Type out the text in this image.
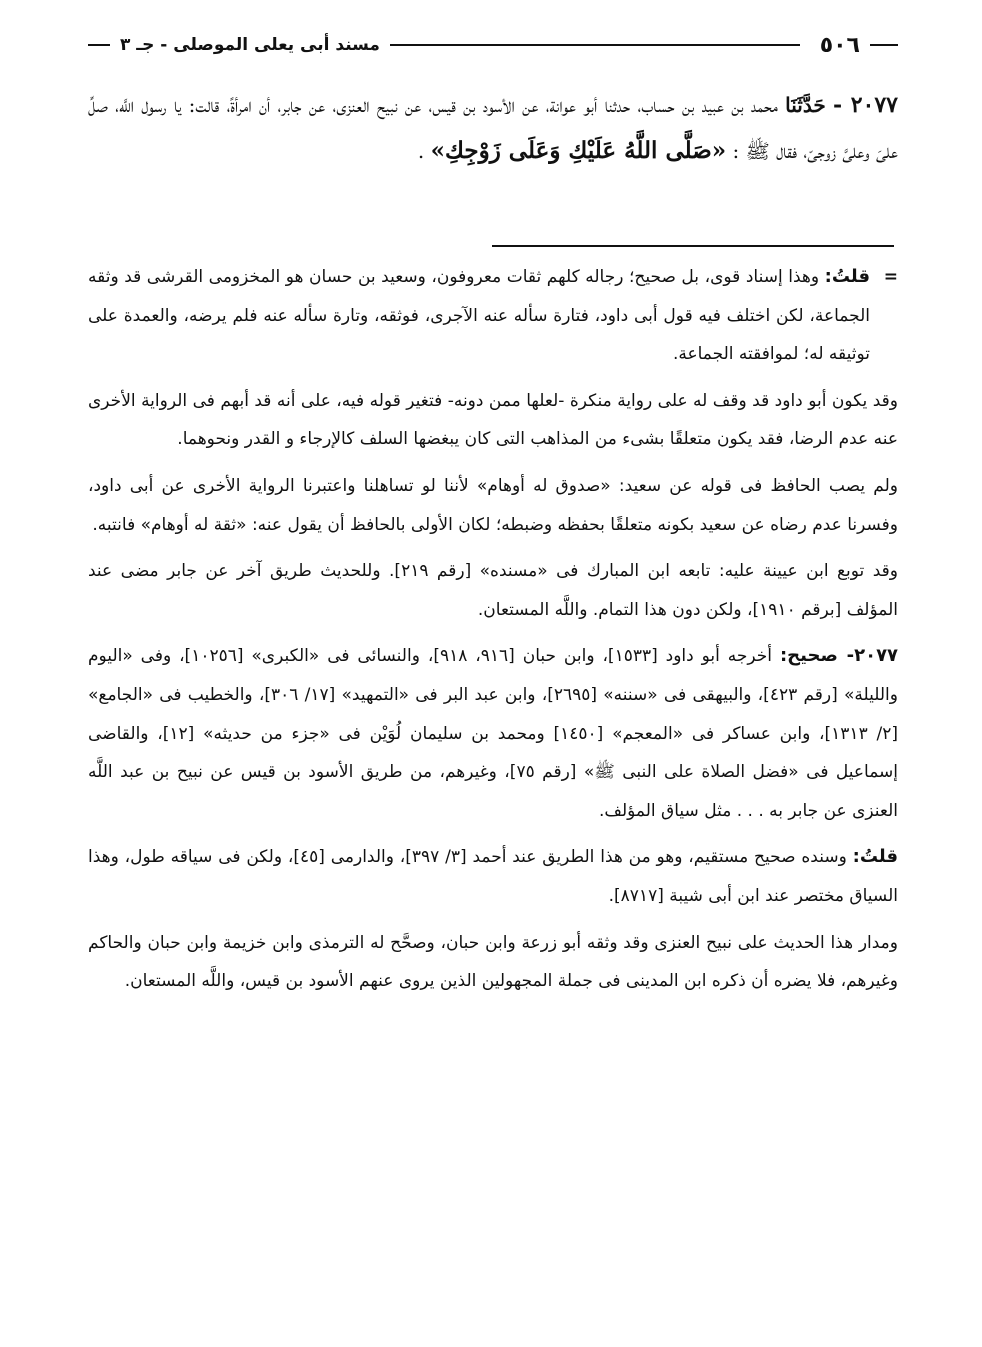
٥٠٦
مسند أبى يعلى الموصلى - جـ ٣
٢٠٧٧ - حَدَّثَنَا محمد بن عبيد بن حساب، حدثنا أبو عوانة، عن الأسود بن قيس، عن نبيح العنزى، عن جابر، أن امرأةً، قالت: يا رسول اللَّه، صلِّ علىَ وعلىَّ زوجىّ، فقال ﷺ : «صَلَّى اللَّهُ عَلَيْكِ وَعَلَى زَوْجِكِ» .

=
قلتُ: وهذا إسناد قوى، بل صحيح؛ رجاله كلهم ثقات معروفون، وسعيد بن حسان هو المخزومى القرشى قد وثقه الجماعة، لكن اختلف فيه قول أبى داود، فتارة سأله عنه الآجرى، فوثقه، وتارة سأله عنه فلم يرضه، والعمدة على توثيقه له؛ لموافقته الجماعة.

وقد يكون أبو داود قد وقف له على رواية منكرة -لعلها ممن دونه- فتغير قوله فيه، على أنه قد أبهم فى الرواية الأخرى عنه عدم الرضا، فقد يكون متعلقًا بشىء من المذاهب التى كان يبغضها السلف كالإرجاء و القدر ونحوهما.

ولم يصب الحافظ فى قوله عن سعيد: «صدوق له أوهام» لأننا لو تساهلنا واعتبرنا الرواية الأخرى عن أبى داود، وفسرنا عدم رضاه عن سعيد بكونه متعلقًا بحفظه وضبطه؛ لكان الأولى بالحافظ أن يقول عنه: «ثقة له أوهام» فانتبه.

وقد توبع ابن عيينة عليه: تابعه ابن المبارك فى «مسنده» [رقم ٢١٩]. وللحديث طريق آخر عن جابر مضى عند المؤلف [برقم ١٩١٠]، ولكن دون هذا التمام. واللَّه المستعان.

٢٠٧٧- صحيح: أخرجه أبو داود [١٥٣٣]، وابن حبان [٩١٦، ٩١٨]، والنسائى فى «الكبرى» [١٠٢٥٦]، وفى «اليوم والليلة» [رقم ٤٢٣]، والبيهقى فى «سننه» [٢٦٩٥]، وابن عبد البر فى «التمهيد» [١٧/ ٣٠٦]، والخطيب فى «الجامع» [٢/ ١٣١٣]، وابن عساكر فى «المعجم» [١٤٥٠] ومحمد بن سليمان لُوَيْن فى «جزء من حديثه» [١٢]، والقاضى إسماعيل فى «فضل الصلاة على النبى ﷺ» [رقم ٧٥]، وغيرهم، من طريق الأسود بن قيس عن نبيح بن عبد اللَّه العنزى عن جابر به . . . مثل سياق المؤلف.

قلتُ: وسنده صحيح مستقيم، وهو من هذا الطريق عند أحمد [٣/ ٣٩٧]، والدارمى [٤٥]، ولكن فى سياقه طول، وهذا السياق مختصر عند ابن أبى شيبة [٨٧١٧].

ومدار هذا الحديث على نبيح العنزى وقد وثقه أبو زرعة وابن حبان، وصحَّح له الترمذى وابن خزيمة وابن حبان والحاكم وغيرهم، فلا يضره أن ذكره ابن المدينى فى جملة المجهولين الذين يروى عنهم الأسود بن قيس، واللَّه المستعان.
